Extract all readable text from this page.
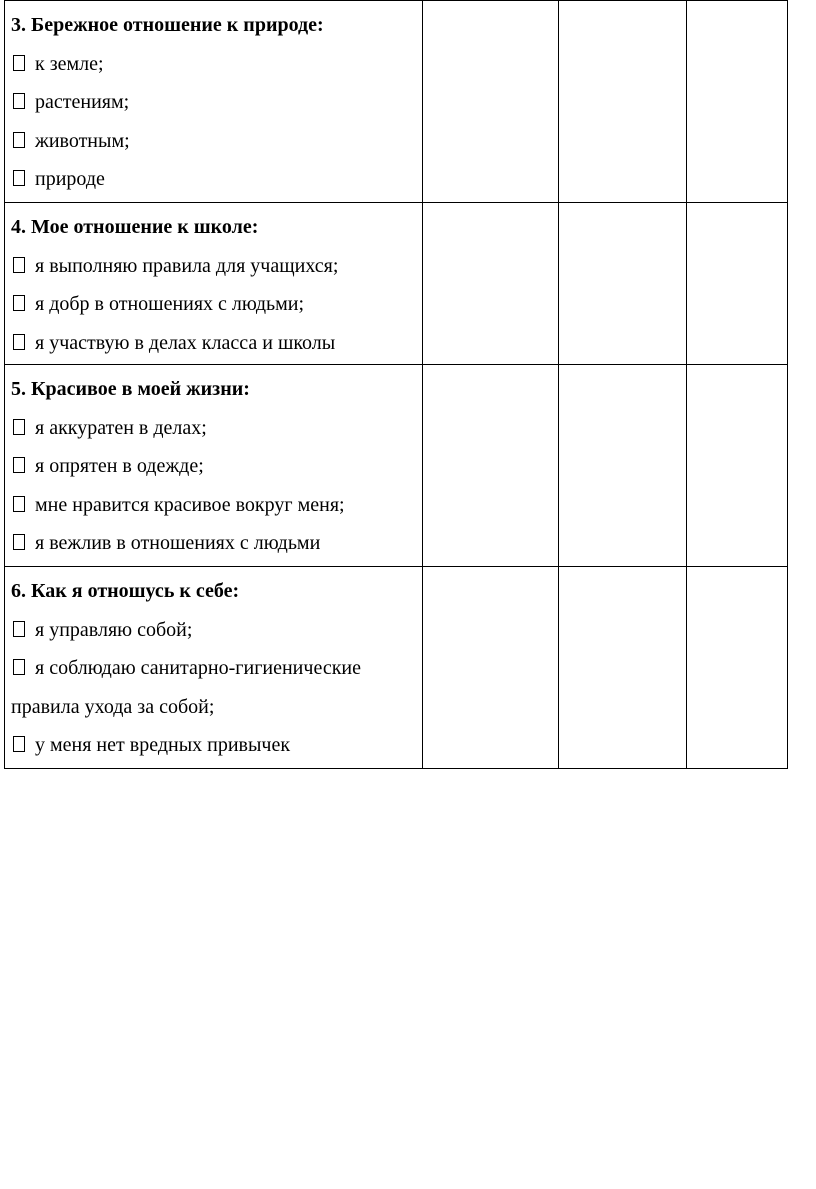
3. Бережное отношение к природе:
к земле;
растениям;
животным;
природе			

4. Мое отношение к школе:
я выполняю правила для учащихся;
я добр в отношениях с людьми;
я участвую в делах класса и школы			

5. Красивое в моей жизни:
я аккуратен в делах;
я опрятен в одежде;
мне нравится красивое вокруг меня;
я вежлив в отношениях с людьми			

6. Как я отношусь к себе:
я управляю собой;
я соблюдаю санитарно-гигиенические
правила ухода за собой;
у меня нет вредных привычек			
